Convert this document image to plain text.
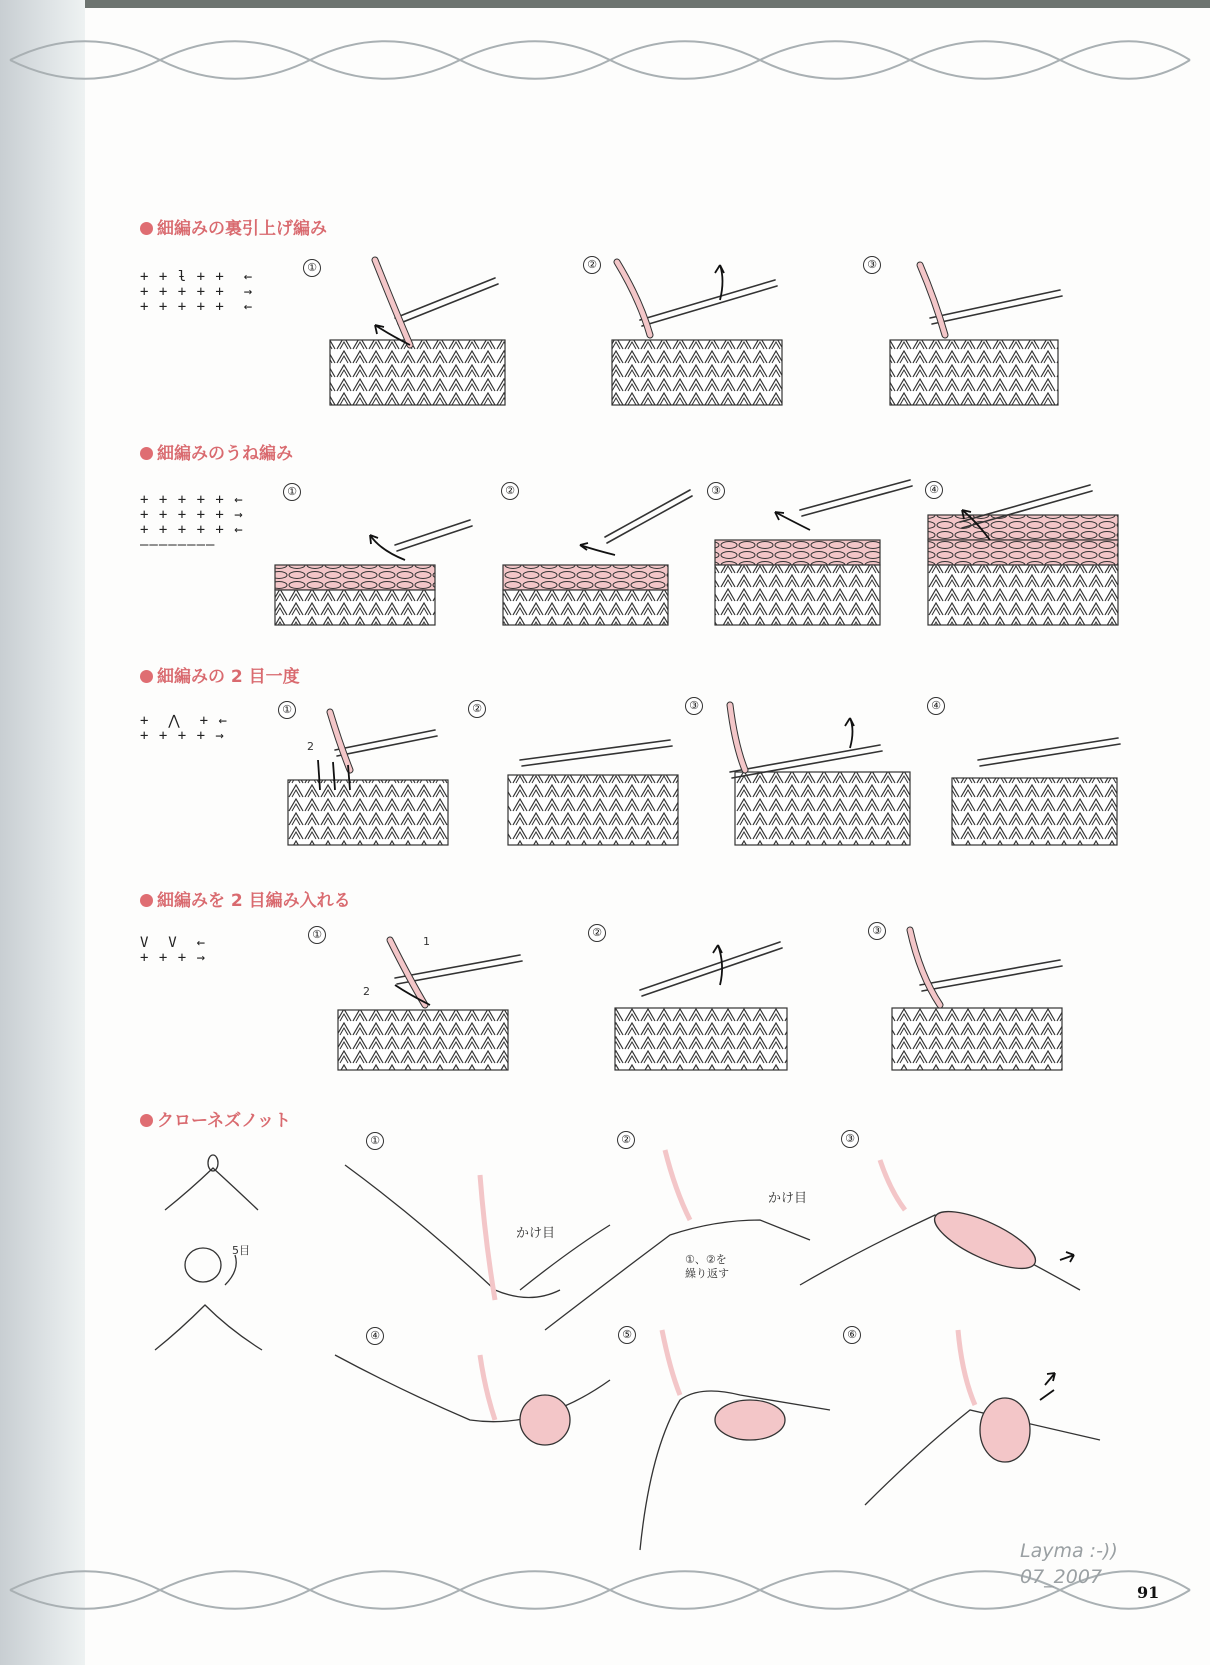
細編みの裏引上げ編み
+ + ƚ + +  ←
+ + + + +  →
+ + + + +  ←
①	②	③
細編みのうね編み
+ + + + + ←
+ + + + + →
+ + + + + ←
————————
①	②	③	④
細編みの 2 目一度
+  ⋀  + ←
+ + + + →
①	②	③	④
2
細編みを 2 目編み入れる
V  V  ←
+ + + →
①	②	③
1
2
クローネズノット
①	②	③
④	⑤	⑥
かけ目
かけ目
①、②を
繰り返す
5目
Layma :-))
07_2007
91
